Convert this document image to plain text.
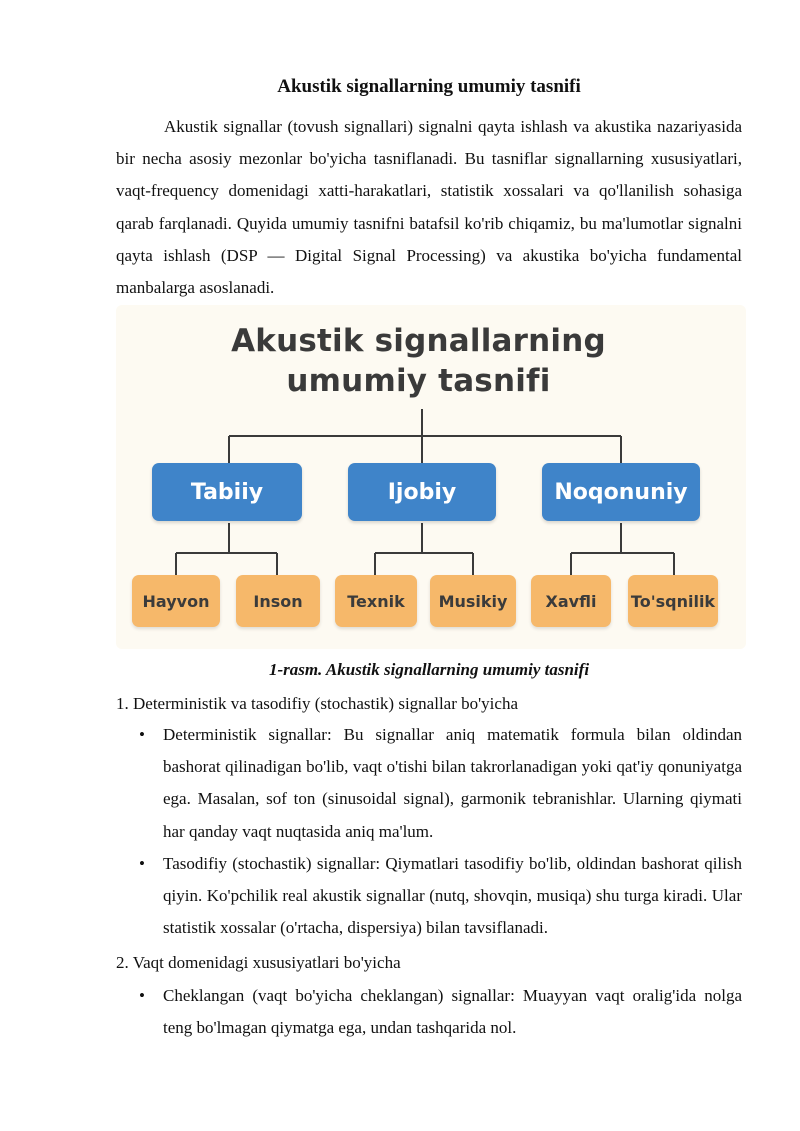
Akustik signallarning umumiy tasnifi

Akustik signallar (tovush signallari) signalni qayta ishlash va akustika nazariyasida bir necha asosiy mezonlar bo'yicha tasniflanadi. Bu tasniflar signallarning xususiyatlari, vaqt-frequency domenidagi xatti-harakatlari, statistik xossalari va qo'llanilish sohasiga qarab farqlanadi. Quyida umumiy tasnifni batafsil ko'rib chiqamiz, bu ma'lumotlar signalni qayta ishlash (DSP — Digital Signal Processing) va akustika bo'yicha fundamental manbalarga asoslanadi.

Akustik signallarning
umumiy tasnifi
Tabiiy	Ijobiy	Noqonuniy
Hayvon	Inson	Texnik	Musikiy	Xavfli	To'sqnilik
1-rasm. Akustik signallarning umumiy tasnifi
1. Deterministik va tasodifiy (stochastik) signallar bo'yicha
• Deterministik signallar: Bu signallar aniq matematik formula bilan oldindan bashorat qilinadigan bo'lib, vaqt o'tishi bilan takrorlanadigan yoki qat'iy qonuniyatga ega. Masalan, sof ton (sinusoidal signal), garmonik tebranishlar. Ularning qiymati har qanday vaqt nuqtasida aniq ma'lum.

• Tasodifiy (stochastik) signallar: Qiymatlari tasodifiy bo'lib, oldindan bashorat qilish qiyin. Ko'pchilik real akustik signallar (nutq, shovqin, musiqa) shu turga kiradi. Ular statistik xossalar (o'rtacha, dispersiya) bilan tavsiflanadi.

2. Vaqt domenidagi xususiyatlari bo'yicha
• Cheklangan (vaqt bo'yicha cheklangan) signallar: Muayyan vaqt oralig'ida nolga teng bo'lmagan qiymatga ega, undan tashqarida nol.
